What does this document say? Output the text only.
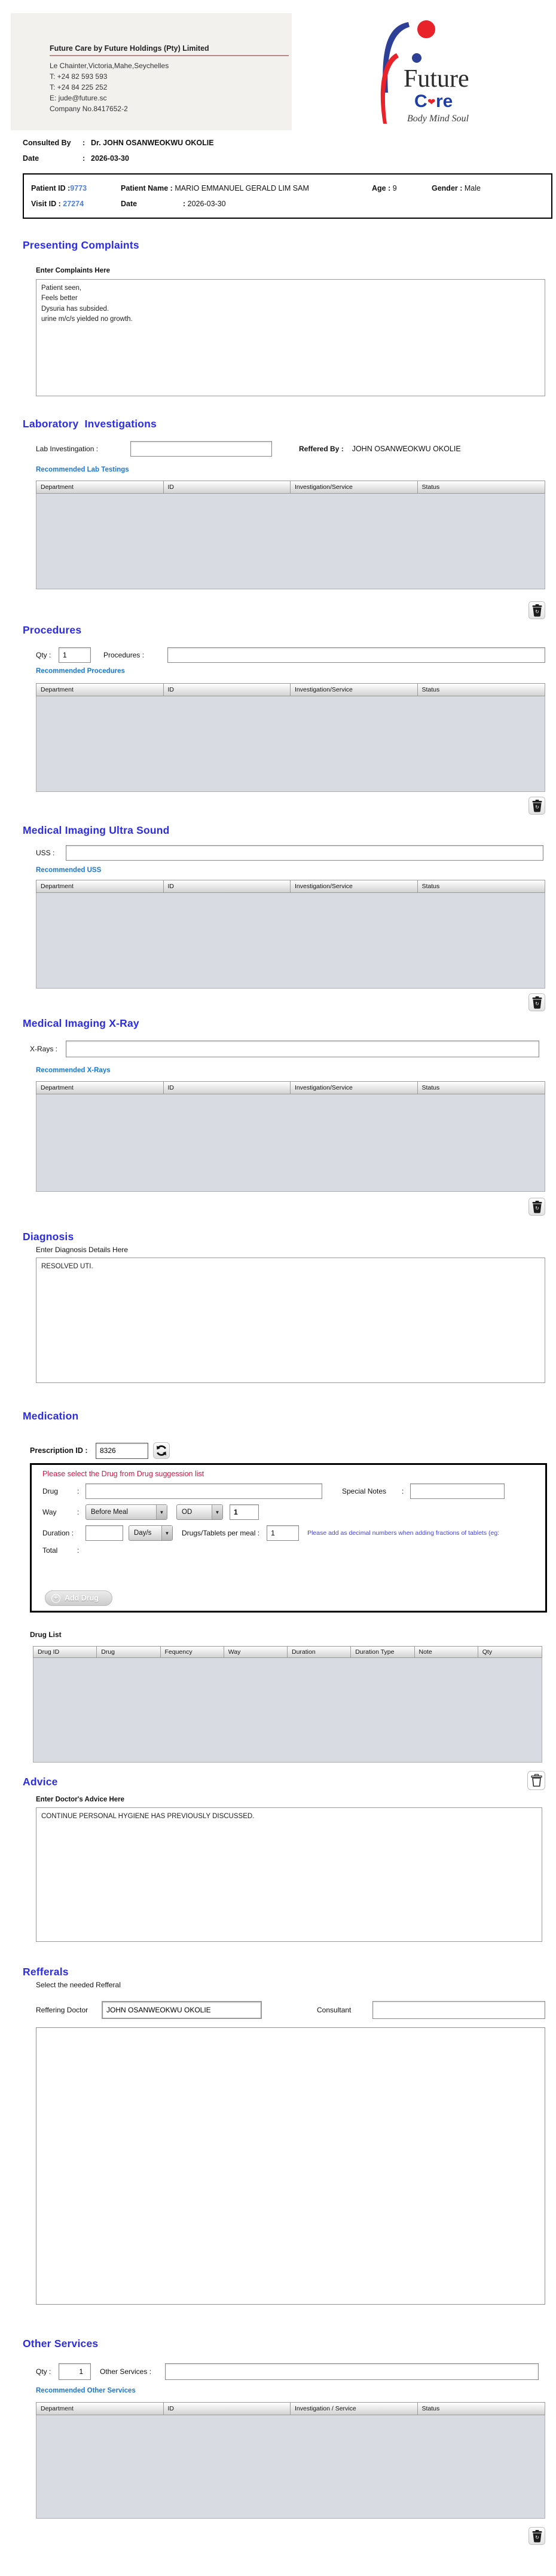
Future Care by Future Holdings (Pty) Limited
Le Chainter,Victoria,Mahe,Seychelles
T: +24 82 593 593
T: +24 84 225 252
E: jude@future.sc
Company No.8417652-2
Future
C ❤ re
Body Mind Soul
Consulted By	: Dr. JOHN OSANWEOKWU OKOLIE
Date	: 2026-03-30
Patient ID :9773	Patient Name : MARIO EMMANUEL GERALD LIM SAM	Age : 9	Gender : Male
Visit ID : 27274	Date	: 2026-03-30
Presenting Complaints
Enter Complaints Here
Patient seen, Feels better Dysuria has subsided. urine m/c/s yielded no growth.
Laboratory  Investigations
Lab Investingation :	Reffered By : JOHN OSANWEOKWU OKOLIE
Recommended Lab Testings
Department	ID	Investigation/Service	Status
↻
Procedures
Qty :
1	Procedures :
Recommended Procedures
Department	ID	Investigation/Service	Status
↻
Medical Imaging Ultra Sound
USS :
Recommended USS
Department	ID	Investigation/Service	Status
↻
Medical Imaging X-Ray
X-Rays :
Recommended X-Rays
Department	ID	Investigation/Service	Status
↻
Diagnosis
Enter Diagnosis Details Here
RESOLVED UTI.
Medication
Prescription ID :
8326
Please select the Drug from Drug suggession list
Drug	:	Special Notes	:
Way	:	Before Meal	▼	OD	▼
1
Duration :	Day/s	▼	Drugs/Tablets per meal :
1	Please add as decimal numbers when adding fractions of tablets (eg:
Total	:
+ Add Drug
Drug List
Drug ID	Drug	Fequency	Way	Duration	Duration Type	Note	Qty
Advice
Enter Doctor's Advice Here
CONTINUE PERSONAL HYGIENE HAS PREVIOUSLY DISCUSSED.
Refferals
Select the needed Refferal
Reffering Doctor
JOHN OSANWEOKWU OKOLIE	Consultant
Other Services
Qty :
1	Other Services :
Recommended Other Services
Department	ID	Investigation / Service	Status
↻
